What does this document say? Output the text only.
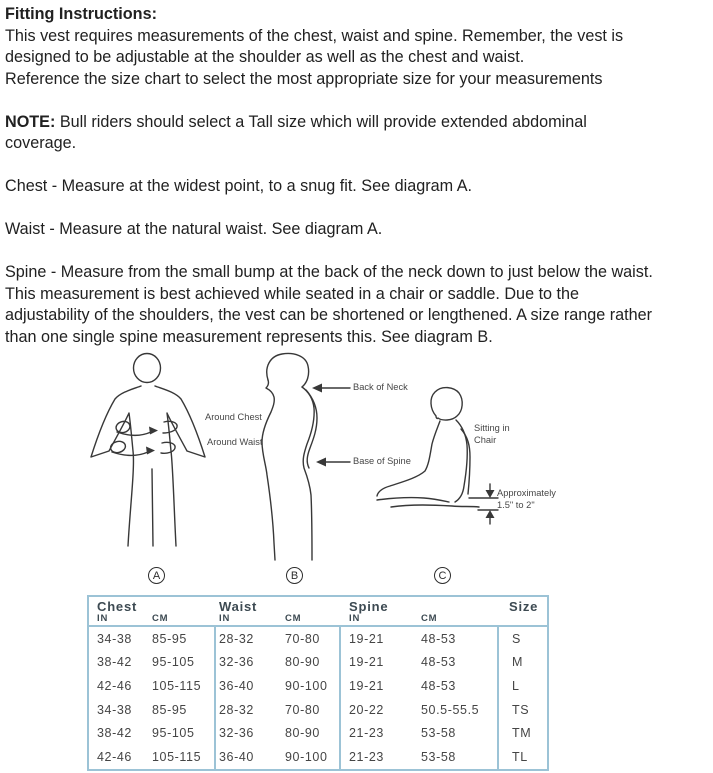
Fitting Instructions:
This vest requires measurements of the chest, waist and spine. Remember, the vest is
designed to be adjustable at the shoulder as well as the chest and waist.
Reference the size chart to select the most appropriate size for your measurements
NOTE: Bull riders should select a Tall size which will provide extended abdominal
coverage.
Chest - Measure at the widest point, to a snug fit. See diagram A.
Waist - Measure at the natural waist. See diagram A.
Spine - Measure from the small bump at the back of the neck down to just below the waist.
This measurement is best achieved while seated in a chair or saddle. Due to the
adjustability of the shoulders, the vest can be shortened or lengthened. A size range rather
than one single spine measurement represents this. See diagram B.
Around Chest
Around Waist
Back of Neck
Base of Spine
Sitting in
Chair
Approximately
1.5" to 2"
A	B	C
Chest	Waist	Spine	Size
IN	CM	IN	CM	IN	CM
34-38	85-95	28-32	70-80	19-21	48-53	S
38-42	95-105	32-36	80-90	19-21	48-53	M
42-46	105-115	36-40	90-100	19-21	48-53	L
34-38	85-95	28-32	70-80	20-22	50.5-55.5	TS
38-42	95-105	32-36	80-90	21-23	53-58	TM
42-46	105-115	36-40	90-100	21-23	53-58	TL
